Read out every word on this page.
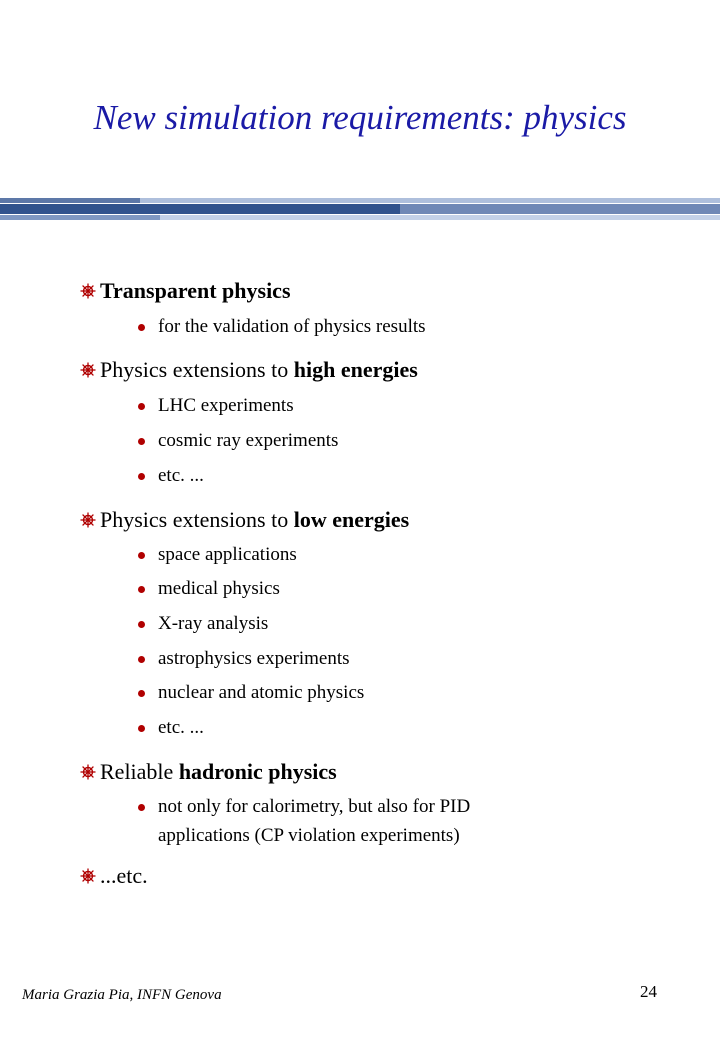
New simulation requirements: physics
Transparent physics
for the validation of physics results
Physics extensions to high energies
LHC experiments
cosmic ray experiments
etc. ...
Physics extensions to low energies
space applications
medical physics
X-ray analysis
astrophysics experiments
nuclear and atomic physics
etc. ...
Reliable hadronic physics
not only for calorimetry, but also for PID
applications (CP violation experiments)
...etc.
Maria Grazia Pia, INFN Genova	24
